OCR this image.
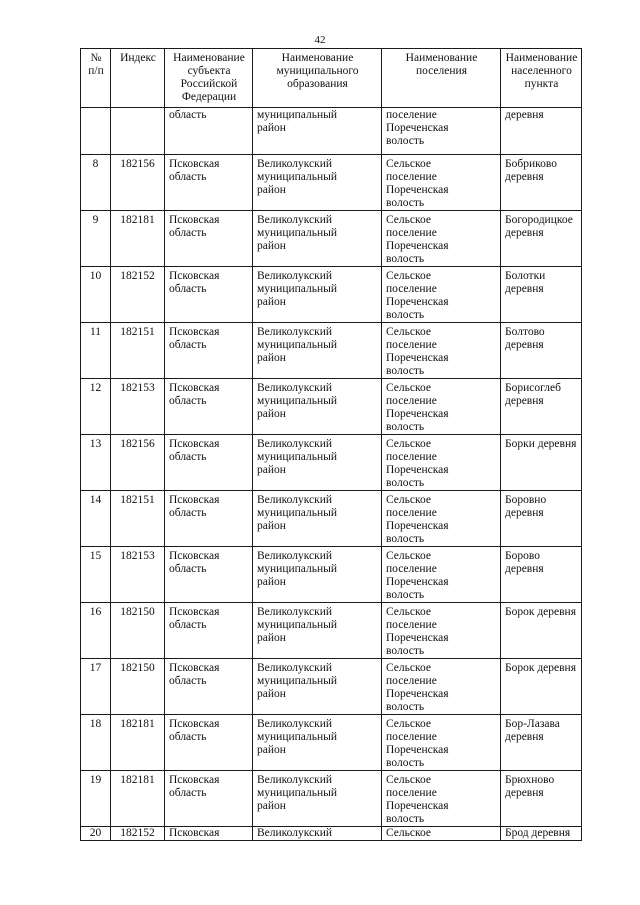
42
№
п/п	Индекс	Наименование
субъекта
Российской
Федерации	Наименование
муниципального
образования	Наименование
поселения	Наименование
населенного
пункта
		область	муниципальный
район	поселение
Пореченская
волость	деревня
8	182156	Псковская
область	Великолукский
муниципальный
район	Сельское
поселение
Пореченская
волость	Бобриково
деревня
9	182181	Псковская
область	Великолукский
муниципальный
район	Сельское
поселение
Пореченская
волость	Богородицкое
деревня
10	182152	Псковская
область	Великолукский
муниципальный
район	Сельское
поселение
Пореченская
волость	Болотки деревня
11	182151	Псковская
область	Великолукский
муниципальный
район	Сельское
поселение
Пореченская
волость	Болтово деревня
12	182153	Псковская
область	Великолукский
муниципальный
район	Сельское
поселение
Пореченская
волость	Борисоглеб
деревня
13	182156	Псковская
область	Великолукский
муниципальный
район	Сельское
поселение
Пореченская
волость	Борки деревня
14	182151	Псковская
область	Великолукский
муниципальный
район	Сельское
поселение
Пореченская
волость	Боровно деревня
15	182153	Псковская
область	Великолукский
муниципальный
район	Сельское
поселение
Пореченская
волость	Борово деревня
16	182150	Псковская
область	Великолукский
муниципальный
район	Сельское
поселение
Пореченская
волость	Борок деревня
17	182150	Псковская
область	Великолукский
муниципальный
район	Сельское
поселение
Пореченская
волость	Борок деревня
18	182181	Псковская
область	Великолукский
муниципальный
район	Сельское
поселение
Пореченская
волость	Бор-Лазава
деревня
19	182181	Псковская
область	Великолукский
муниципальный
район	Сельское
поселение
Пореченская
волость	Брюхново
деревня
20	182152	Псковская	Великолукский	Сельское	Брод деревня
